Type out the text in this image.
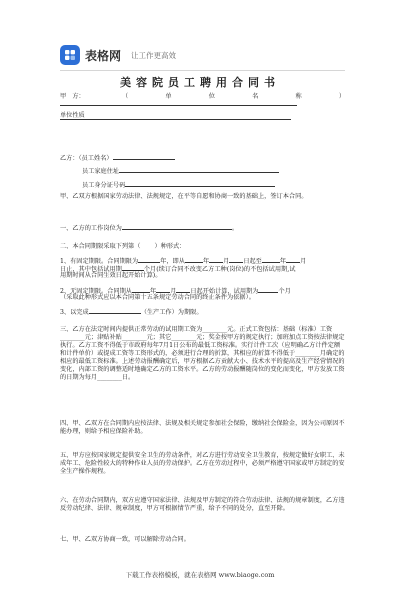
表格网 让工作更高效
美容院员工聘用合同书
甲　方：	（	单	位	名	称	）
单位性质
乙方：（员工姓名）
员工家庭住址
员工身分证号码
甲、乙双方根据国家劳动法律、法规规定，在平等自愿和协商一致的基础上，签订本合同。
一、乙方的工作岗位为	。
二、本合同期限采取下列第（ ）种形式：
1、有固定期限。合同期限为	年，即从	年 月 日起至	年 月
日止，其中包括试用期	个月(续订合同不改变乙方工种(岗位)的不包括试用期,试
用期时间从合同生效日起开始计算)。
2、无固定期限。合同期从	年 月 日起开始计算，试用期为	个月
（采取此种形式应以本合同第十五条规定劳动合同的终止条件为依据）。
3、以完成	（生产工作）为期限。
三、乙方在法定时间内提供正常劳动的试用期工资为________元。正式工资包括：基础（标准）工资________元；津贴补贴________元；其它________元；奖金按甲方的规定执行；加班加点工资按法律规定执行。乙方工资不得低于市政府每年7月1日公布的最低工资标准。实行计件工次（应明确乙方计件定额和计件单价）或提成工资等工资形式的，必须进行合理的折算，其相应的折算不得低于________月确定的相应的最低工资标准。上述劳动报酬确定后，甲方根据乙方贡献大小、技术水平的提高及生产经营情况的变化，内部工资的调整适时地确定乙方的工资水平。乙方的劳动报酬随岗位的变化而变化，甲方发放工资的日期为每月________日。
四、甲、乙双方在合同期内应按法律、法规及相关规定参加社会保险，缴纳社会保险金，因为公司原因不能办理，则给予相应保险补助。
五、甲方应按国家规定提供安全卫生的劳动条件，对乙方进行劳动安全卫生教育，按规定做好女职工、未成年工、危险性较大的特种作业人员的劳动保护。乙方在劳动过程中，必须严格遵守国家或甲方制定的安全生产操作规程。
六、在劳动合同期内，双方应遵守国家法律、法规及甲方制定的符合劳动法律、法规的规章制度，乙方违反劳动纪律、法律、规章制度，甲方可根据情节严重，给予不同的处分，直至开除。
七、甲、乙双方协商一致，可以解除劳动合同。
下载工作表格模板，就在表格网 www.biaoge.com
